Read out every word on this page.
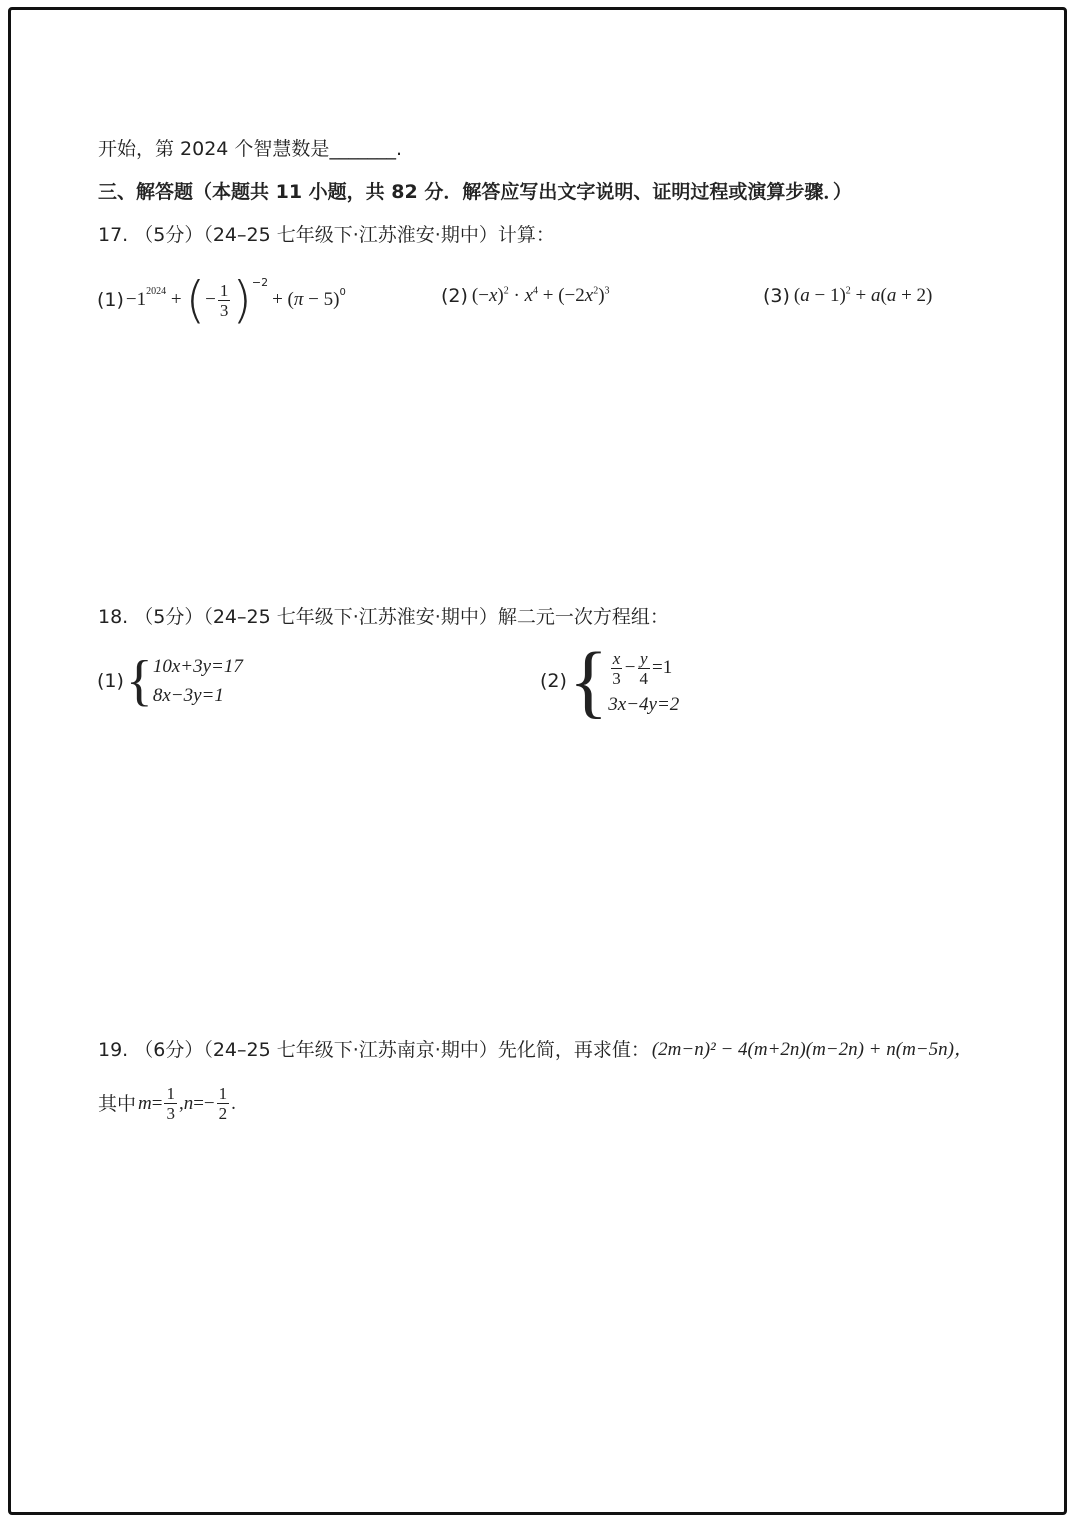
开始，第 2024 个智慧数是_______.
三、解答题（本题共 11 小题，共 82 分．解答应写出文字说明、证明过程或演算步骤．）
17. （5分）（24–25 七年级下·江苏淮安·期中）计算：
$(1) -1^{2024}$ + ( − $\frac{1}{3}$ ) −2
+ (π − 5) 0	(2) $(-x)^2 \cdot x^4 + (-2x^2)^3$	(3) $(a - 1)^2 + a(a + 2)$
18. （5分）（24–25 七年级下·江苏淮安·期中）解二元一次方程组：
(1) { 10x+3y=17
8x−3y=1
(2) { $\frac{x}{3} - \frac{y}{4} =1$
3x−4y=2
19. （6分）（24–25 七年级下·江苏南京·期中）先化简，再求值： (2m−n)² − 4(m+2n)(m−2n) + n(m−5n)，
其中 $m = \frac{1}{3}$ , $n =- \frac{1}{2}$ .
